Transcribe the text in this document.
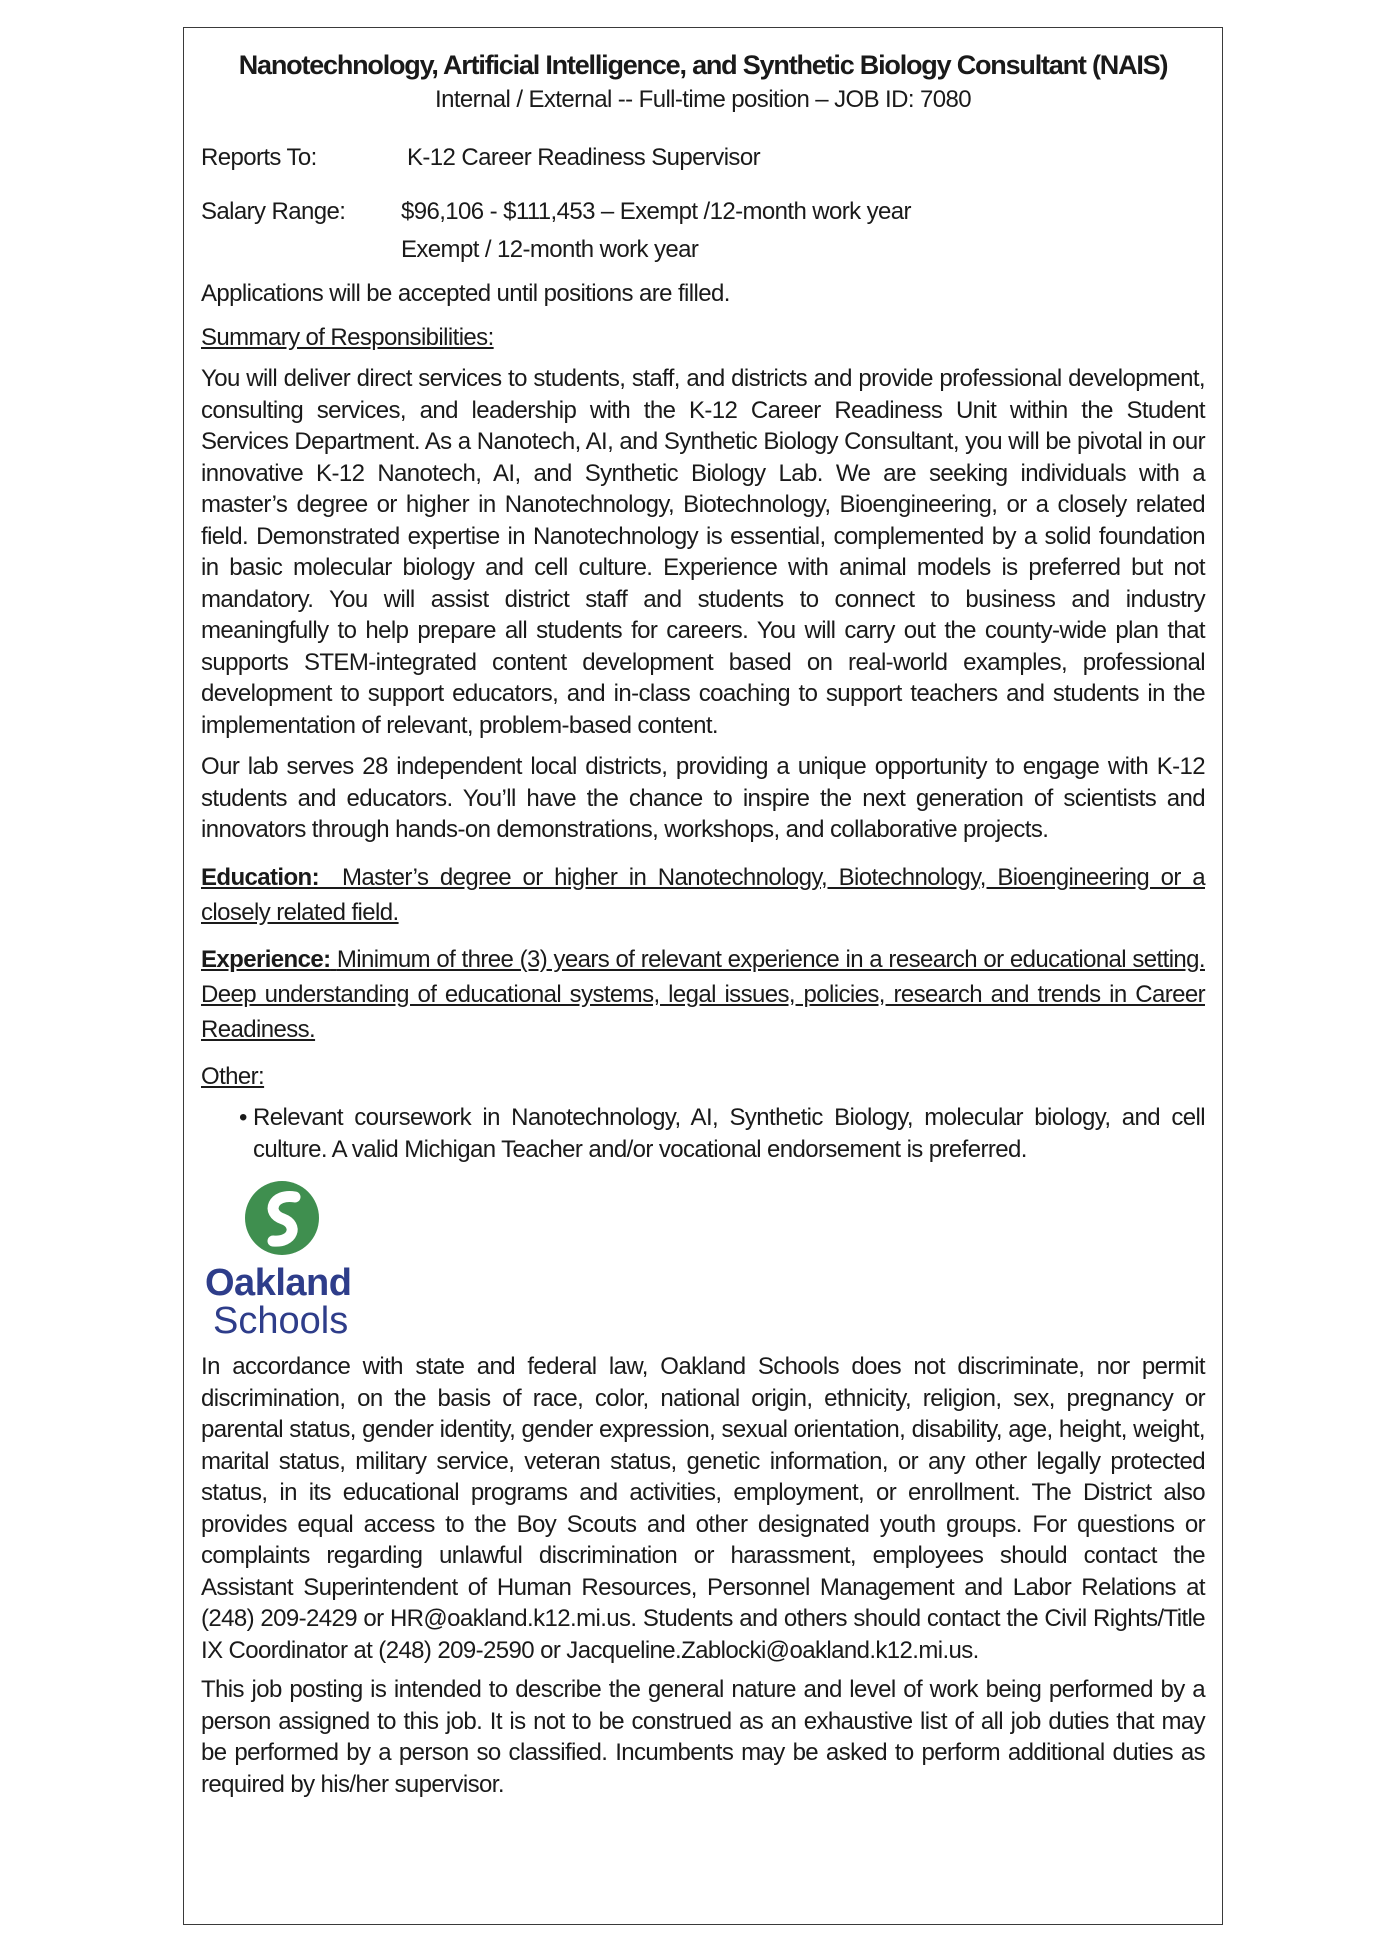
Nanotechnology, Artificial Intelligence, and Synthetic Biology Consultant (NAIS)
Internal / External -- Full-time position – JOB ID: 7080
Reports To:	K-12 Career Readiness Supervisor
Salary Range:	$96,106 - $111,453 – Exempt /12-month work year
Exempt / 12-month work year
Applications will be accepted until positions are filled.
Summary of Responsibilities:
You will deliver direct services to students, staff, and districts and provide professional development, consulting services, and leadership with the K-12 Career Readiness Unit within the Student Services Department. As a Nanotech, AI, and Synthetic Biology Consultant, you will be pivotal in our innovative K-12 Nanotech, AI, and Synthetic Biology Lab. We are seeking individuals with a master’s degree or higher in Nanotechnology, Biotechnology, Bioengineering, or a closely related field. Demonstrated expertise in Nanotechnology is essential, complemented by a solid foundation in basic molecular biology and cell culture. Experience with animal models is preferred but not mandatory. You will assist district staff and students to connect to business and industry meaningfully to help prepare all students for careers. You will carry out the county-wide plan that supports STEM-integrated content development based on real-world examples, professional development to support educators, and in-class coaching to support teachers and students in the implementation of relevant, problem-based content.
Our lab serves 28 independent local districts, providing a unique opportunity to engage with K-12 students and educators. You’ll have the chance to inspire the next generation of scientists and innovators through hands-on demonstrations, workshops, and collaborative projects.
Education: Master’s degree or higher in Nanotechnology, Biotechnology, Bioengineering or a closely related field.
Experience: Minimum of three (3) years of relevant experience in a research or educational setting. Deep understanding of educational systems, legal issues, policies, research and trends in Career Readiness.
Other:
• Relevant coursework in Nanotechnology, AI, Synthetic Biology, molecular biology, and cell culture. A valid Michigan Teacher and/or vocational endorsement is preferred.
Oakland
Schools
In accordance with state and federal law, Oakland Schools does not discriminate, nor permit discrimination, on the basis of race, color, national origin, ethnicity, religion, sex, pregnancy or parental status, gender identity, gender expression, sexual orientation, disability, age, height, weight, marital status, military service, veteran status, genetic information, or any other legally protected status, in its educational programs and activities, employment, or enrollment. The District also provides equal access to the Boy Scouts and other designated youth groups. For questions or complaints regarding unlawful discrimination or harassment, employees should contact the Assistant Superintendent of Human Resources, Personnel Management and Labor Relations at (248) 209-2429 or HR@oakland.k12.mi.us. Students and others should contact the Civil Rights/Title IX Coordinator at (248) 209-2590 or Jacqueline.Zablocki@oakland.k12.mi.us.
This job posting is intended to describe the general nature and level of work being performed by a person assigned to this job. It is not to be construed as an exhaustive list of all job duties that may be performed by a person so classified. Incumbents may be asked to perform additional duties as required by his/her supervisor.
